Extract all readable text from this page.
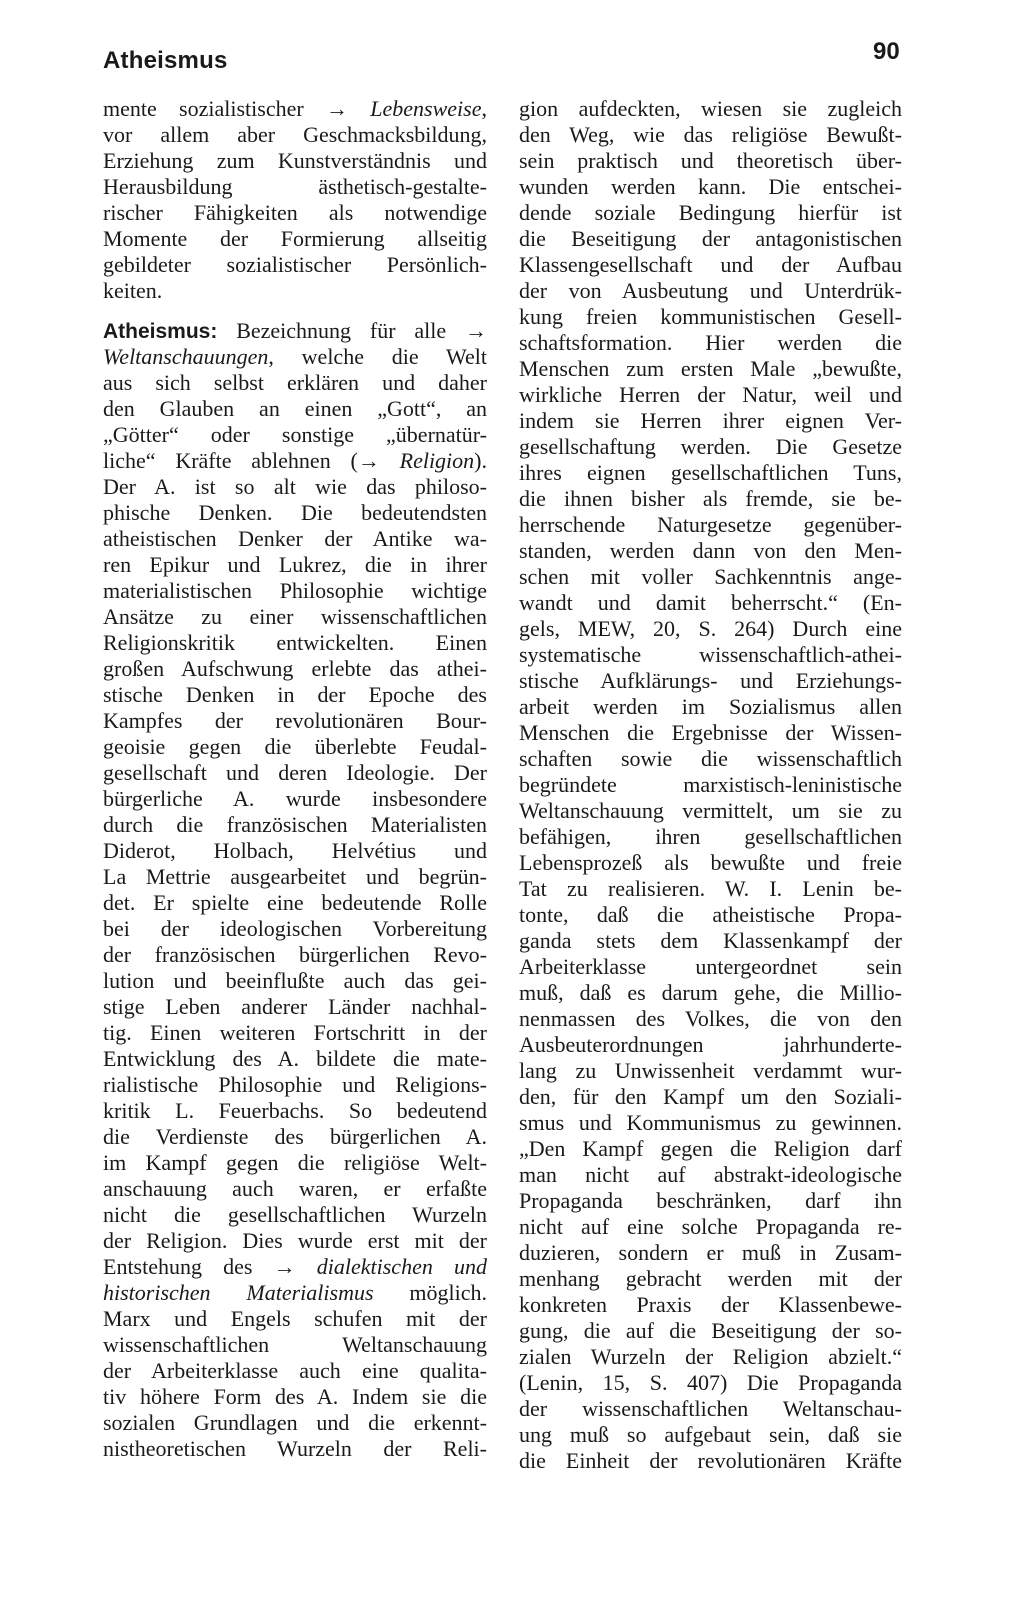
Atheismus	90
mente sozialistischer → Lebensweise,
vor allem aber Geschmacksbildung,
Erziehung zum Kunstverständnis und
Herausbildung ästhetisch-gestalte-
rischer Fähigkeiten als notwendige
Momente der Formierung allseitig
gebildeter sozialistischer Persönlich-
keiten.
Atheismus: Bezeichnung für alle →
Weltanschauungen, welche die Welt
aus sich selbst erklären und daher
den Glauben an einen „Gott“, an
„Götter“ oder sonstige „übernatür-
liche“ Kräfte ablehnen (→ Religion).
Der A. ist so alt wie das philoso-
phische Denken. Die bedeutendsten
atheistischen Denker der Antike wa-
ren Epikur und Lukrez, die in ihrer
materialistischen Philosophie wichtige
Ansätze zu einer wissenschaftlichen
Religionskritik entwickelten. Einen
großen Aufschwung erlebte das athei-
stische Denken in der Epoche des
Kampfes der revolutionären Bour-
geoisie gegen die überlebte Feudal-
gesellschaft und deren Ideologie. Der
bürgerliche A. wurde insbesondere
durch die französischen Materialisten
Diderot, Holbach, Helvétius und
La Mettrie ausgearbeitet und begrün-
det. Er spielte eine bedeutende Rolle
bei der ideologischen Vorbereitung
der französischen bürgerlichen Revo-
lution und beeinflußte auch das gei-
stige Leben anderer Länder nachhal-
tig. Einen weiteren Fortschritt in der
Entwicklung des A. bildete die mate-
rialistische Philosophie und Religions-
kritik L. Feuerbachs. So bedeutend
die Verdienste des bürgerlichen A.
im Kampf gegen die religiöse Welt-
anschauung auch waren, er erfaßte
nicht die gesellschaftlichen Wurzeln
der Religion. Dies wurde erst mit der
Entstehung des → dialektischen und
historischen Materialismus möglich.
Marx und Engels schufen mit der
wissenschaftlichen Weltanschauung
der Arbeiterklasse auch eine qualita-
tiv höhere Form des A. Indem sie die
sozialen Grundlagen und die erkennt-
nistheoretischen Wurzeln der Reli-
gion aufdeckten, wiesen sie zugleich
den Weg, wie das religiöse Bewußt-
sein praktisch und theoretisch über-
wunden werden kann. Die entschei-
dende soziale Bedingung hierfür ist
die Beseitigung der antagonistischen
Klassengesellschaft und der Aufbau
der von Ausbeutung und Unterdrük-
kung freien kommunistischen Gesell-
schaftsformation. Hier werden die
Menschen zum ersten Male „bewußte,
wirkliche Herren der Natur, weil und
indem sie Herren ihrer eignen Ver-
gesellschaftung werden. Die Gesetze
ihres eignen gesellschaftlichen Tuns,
die ihnen bisher als fremde, sie be-
herrschende Naturgesetze gegenüber-
standen, werden dann von den Men-
schen mit voller Sachkenntnis ange-
wandt und damit beherrscht.“ (En-
gels, MEW, 20, S. 264) Durch eine
systematische wissenschaftlich-athei-
stische Aufklärungs- und Erziehungs-
arbeit werden im Sozialismus allen
Menschen die Ergebnisse der Wissen-
schaften sowie die wissenschaftlich
begründete marxistisch-leninistische
Weltanschauung vermittelt, um sie zu
befähigen, ihren gesellschaftlichen
Lebensprozeß als bewußte und freie
Tat zu realisieren. W. I. Lenin be-
tonte, daß die atheistische Propa-
ganda stets dem Klassenkampf der
Arbeiterklasse untergeordnet sein
muß, daß es darum gehe, die Millio-
nenmassen des Volkes, die von den
Ausbeuterordnungen jahrhunderte-
lang zu Unwissenheit verdammt wur-
den, für den Kampf um den Soziali-
smus und Kommunismus zu gewinnen.
„Den Kampf gegen die Religion darf
man nicht auf abstrakt-ideologische
Propaganda beschränken, darf ihn
nicht auf eine solche Propaganda re-
duzieren, sondern er muß in Zusam-
menhang gebracht werden mit der
konkreten Praxis der Klassenbewe-
gung, die auf die Beseitigung der so-
zialen Wurzeln der Religion abzielt.“
(Lenin, 15, S. 407) Die Propaganda
der wissenschaftlichen Weltanschau-
ung muß so aufgebaut sein, daß sie
die Einheit der revolutionären Kräfte
